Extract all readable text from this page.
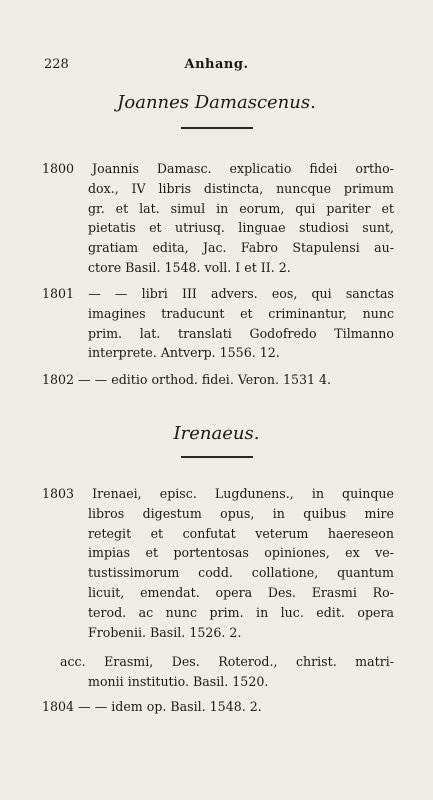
228	Anhang.
Joannes Damascenus.
1800 Joannis Damasc. explicatio fidei ortho-
dox., IV libris distincta, nuncque primum
gr. et lat. simul in eorum, qui pariter et
pietatis et utriusq. linguae studiosi sunt,
gratiam edita, Jac. Fabro Stapulensi au-
ctore Basil. 1548. voll. I et II. 2.
1801 — — libri III advers. eos, qui sanctas
imagines traducunt et criminantur, nunc
prim. lat. translati Godofredo Tilmanno
interprete. Antverp. 1556. 12.
1802 — — editio orthod. fidei. Veron. 1531 4.
Irenaeus.
1803 Irenaei, episc. Lugdunens., in quinque
libros digestum opus, in quibus mire
retegit et confutat veterum haereseon
impias et portentosas opiniones, ex ve-
tustissimorum codd. collatione, quantum
licuit, emendat. opera Des. Erasmi Ro-
terod. ac nunc prim. in luc. edit. opera
Frobenii. Basil. 1526. 2.
acc. Erasmi, Des. Roterod., christ. matri-
monii institutio. Basil. 1520.
1804 — — idem op. Basil. 1548. 2.
